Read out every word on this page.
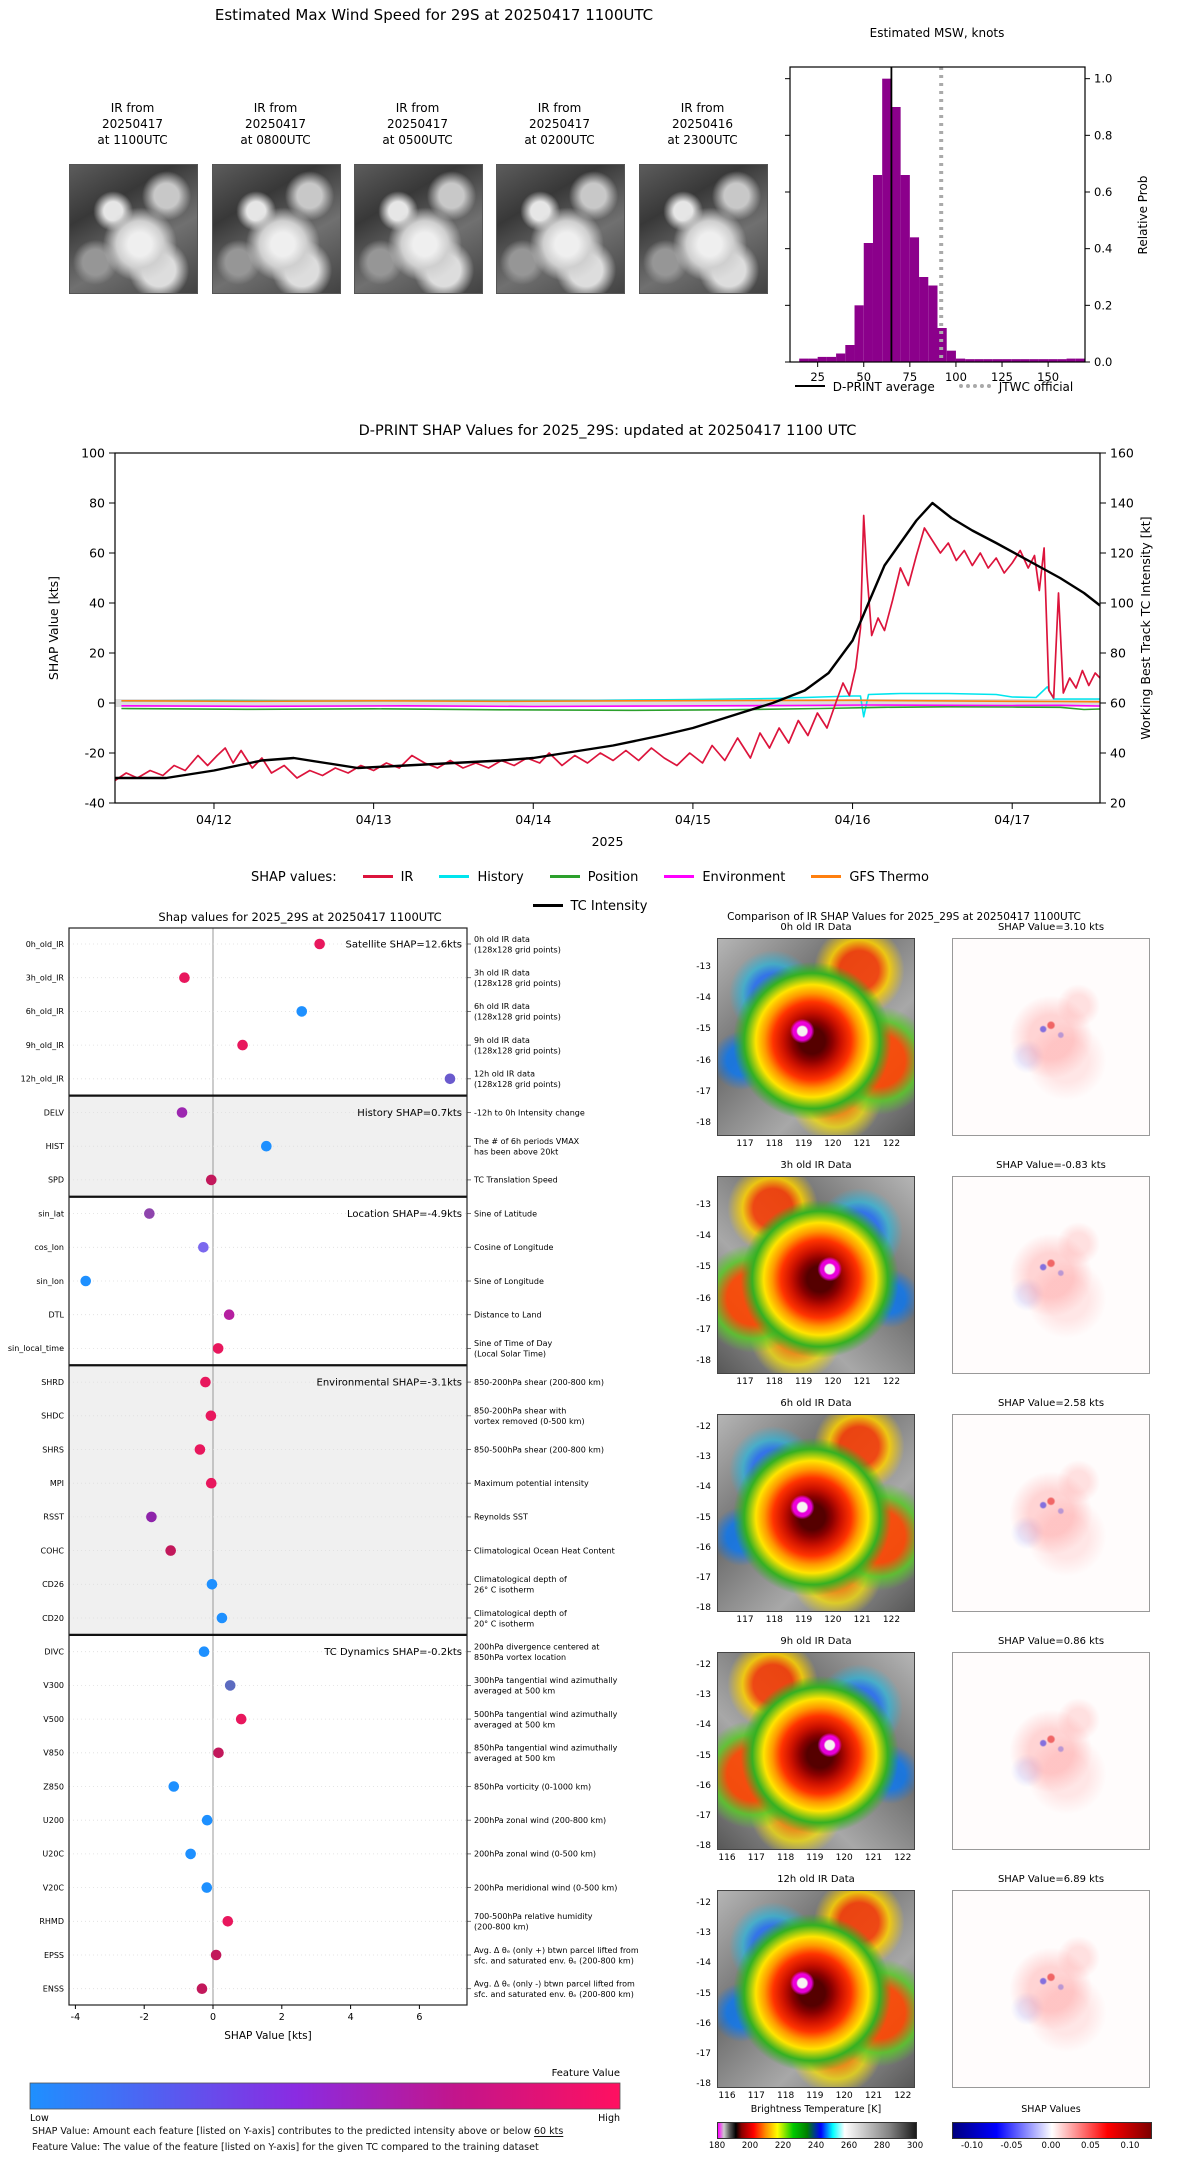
Estimated Max Wind Speed for 29S at 20250417 1100UTC
IR from
20250417
at 1100UTC
IR from
20250417
at 0800UTC
IR from
20250417
at 0500UTC
IR from
20250417
at 0200UTC
IR from
20250416
at 2300UTC
Estimated MSW, knots
1.0
0.8
0.6
0.4
0.2
0.0
25	50	75 100 125 150
Relative Prob
D-PRINT average	JTWC official
D-PRINT SHAP Values for 2025_29S: updated at 20250417 1100 UTC
100
80
60
40
20
0
-20
-40
160
140
120
100
80
60
40
20
04/12	04/13	04/14	04/15	04/16	04/17
2025
SHAP Value [kts]	Working Best Track TC Intensity [kt]
SHAP values:	IR	History	Position	Environment	GFS Thermo
TC Intensity
Shap values for 2025_29S at 20250417 1100UTC
0h_old_IR
0h old IR data
(128x128 grid points)
3h_old_IR
3h old IR data
(128x128 grid points)
6h_old_IR
6h old IR data
(128x128 grid points)
9h_old_IR
9h old IR data
(128x128 grid points)
12h_old_IR
12h old IR data
(128x128 grid points)
DELV	-12h to 0h Intensity change
HIST
The # of 6h periods VMAX
has been above 20kt
SPD	TC Translation Speed
sin_lat	Sine of Latitude
cos_lon	Cosine of Longitude
sin_lon	Sine of Longitude
DTL	Distance to Land
sin_local_time
Sine of Time of Day
(Local Solar Time)
SHRD	850-200hPa shear (200-800 km)
SHDC
850-200hPa shear with
vortex removed (0-500 km)
SHRS	850-500hPa shear (200-800 km)
MPI	Maximum potential intensity
RSST	Reynolds SST
COHC	Climatological Ocean Heat Content
CD26
Climatological depth of
26° C isotherm
CD20
Climatological depth of
20° C isotherm
DIVC
200hPa divergence centered at
850hPa vortex location
V300
300hPa tangential wind azimuthally
averaged at 500 km
V500
500hPa tangential wind azimuthally
averaged at 500 km
V850
850hPa tangential wind azimuthally
averaged at 500 km
Z850	850hPa vorticity (0-1000 km)
U200	200hPa zonal wind (200-800 km)
U20C	200hPa zonal wind (0-500 km)
V20C	200hPa meridional wind (0-500 km)
RHMD
700-500hPa relative humidity
(200-800 km)
EPSS
Avg. Δ θₑ (only +) btwn parcel lifted from
sfc. and saturated env. θₑ (200-800 km)
ENSS
Avg. Δ θₑ (only -) btwn parcel lifted from
sfc. and saturated env. θₑ (200-800 km)
Satellite SHAP=12.6kts
History SHAP=0.7kts
Location SHAP=-4.9kts
Environmental SHAP=-3.1kts
TC Dynamics SHAP=-0.2kts
-4	-2	0	2	4	6
SHAP Value [kts]
Feature Value
Low	High
SHAP Value: Amount each feature [listed on Y-axis] contributes to the predicted intensity above or below 60 kts
Feature Value: The value of the feature [listed on Y-axis] for the given TC compared to the training dataset
Comparison of IR SHAP Values for 2025_29S at 20250417 1100UTC
0h old IR Data	SHAP Value=3.10 kts
-13
-14
-15
-16
-17
-18
117 118 119 120 121 122
3h old IR Data	SHAP Value=-0.83 kts
-13
-14
-15
-16
-17
-18
117 118 119 120 121 122
6h old IR Data	SHAP Value=2.58 kts
-12
-13
-14
-15
-16
-17
-18
117 118 119 120 121 122
9h old IR Data	SHAP Value=0.86 kts
-12
-13
-14
-15
-16
-17
-18
116 117 118 119 120 121 122
12h old IR Data	SHAP Value=6.89 kts
-12
-13
-14
-15
-16
-17
-18
116 117 118 119 120 121 122
Brightness Temperature [K]
180	200	220	240	260	280	300
SHAP Values
-0.10	-0.05	0.00	0.05	0.10
